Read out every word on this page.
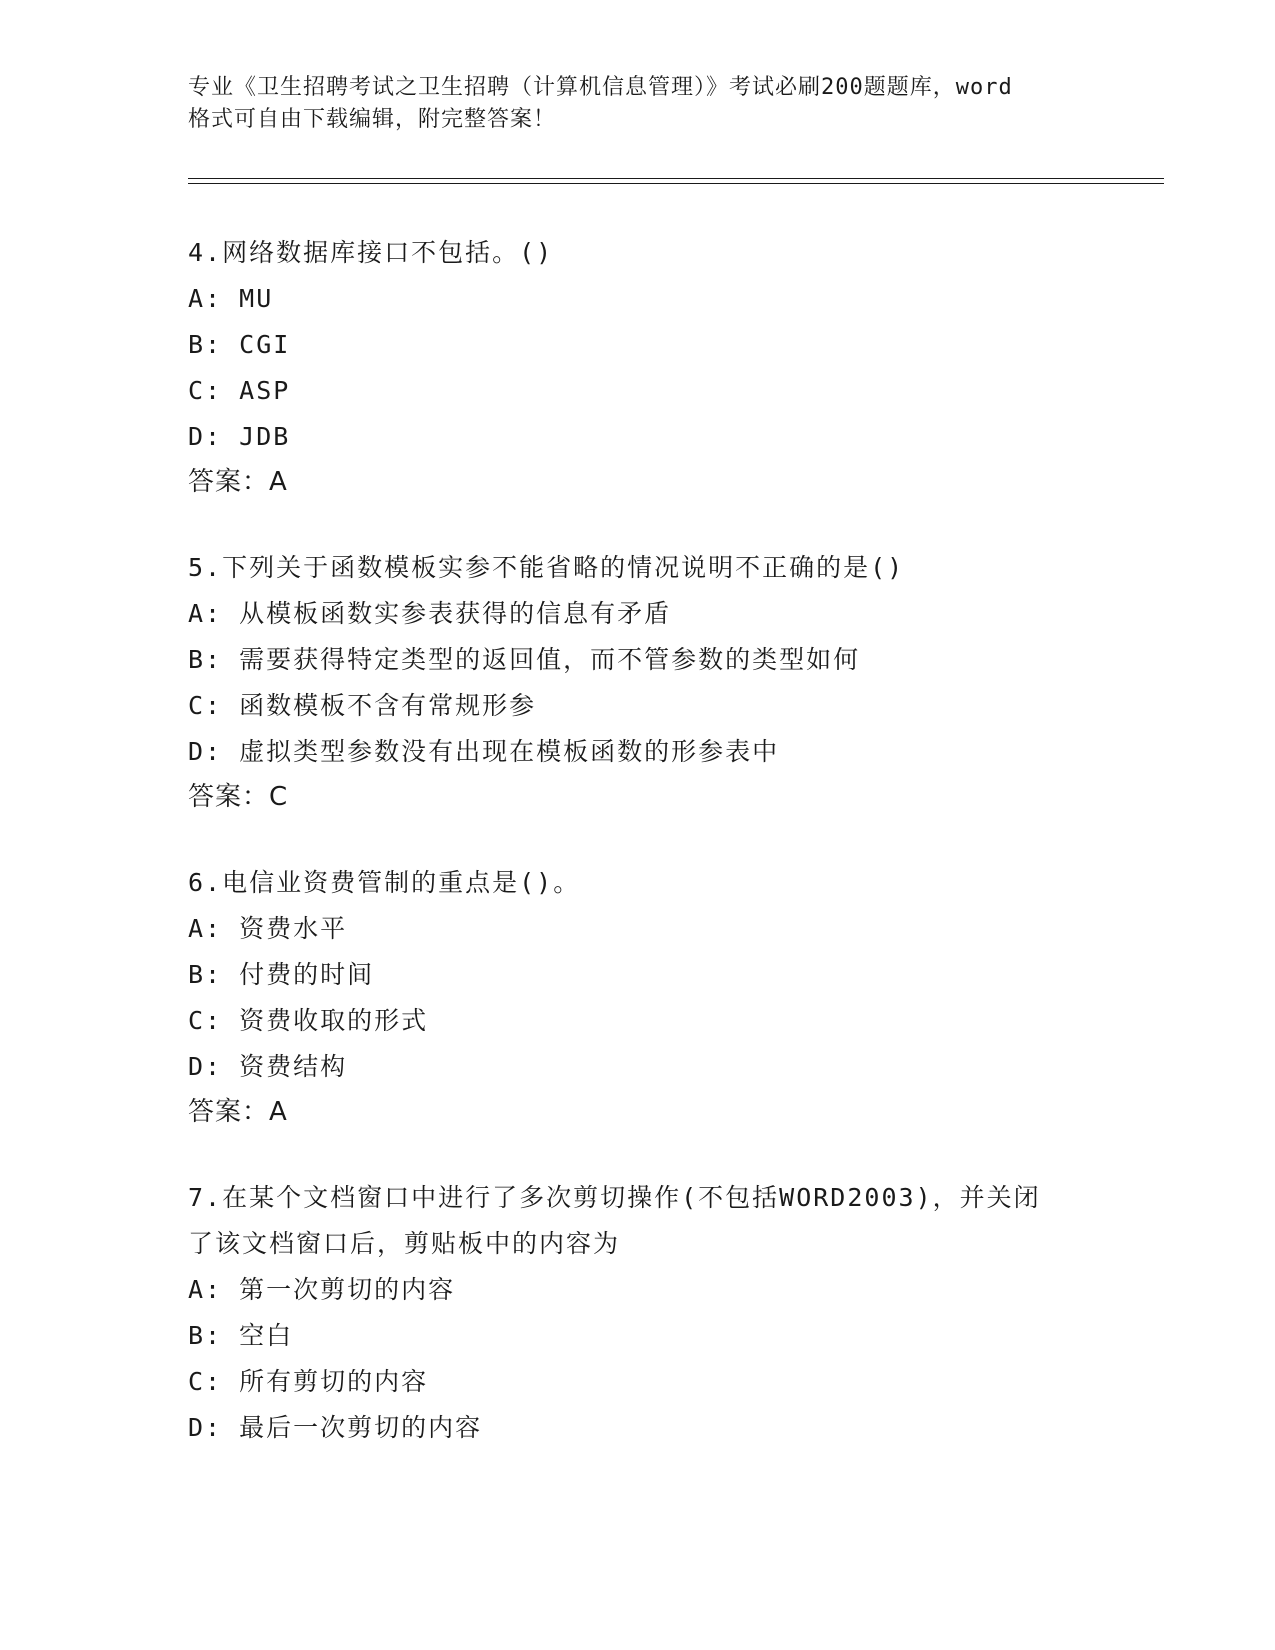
专业《卫生招聘考试之卫生招聘（计算机信息管理）》考试必刷200题题库，word
格式可自由下载编辑，附完整答案！
4.网络数据库接口不包括。()
A: MU
B: CGI
C: ASP
D: JDB
答案：A
5.下列关于函数模板实参不能省略的情况说明不正确的是()
A: 从模板函数实参表获得的信息有矛盾
B: 需要获得特定类型的返回值，而不管参数的类型如何
C: 函数模板不含有常规形参
D: 虚拟类型参数没有出现在模板函数的形参表中
答案：C
6.电信业资费管制的重点是()。
A: 资费水平
B: 付费的时间
C: 资费收取的形式
D: 资费结构
答案：A
7.在某个文档窗口中进行了多次剪切操作(不包括WORD2003)，并关闭
了该文档窗口后，剪贴板中的内容为
A: 第一次剪切的内容
B: 空白
C: 所有剪切的内容
D: 最后一次剪切的内容
